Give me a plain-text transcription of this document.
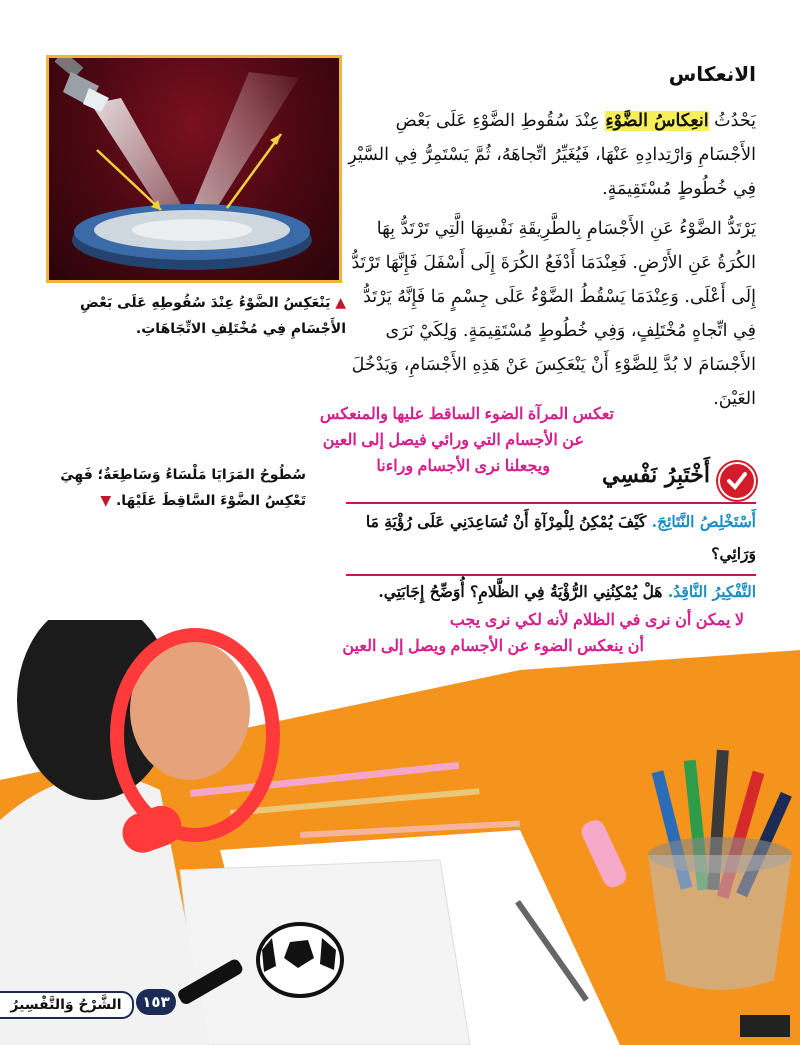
▲ يَنْعَكِسُ الضَّوْءُ عِنْدَ سُقُوطِهِ عَلَى بَعْضِ الأَجْسَامِ فِي مُخْتَلِفِ الاتِّجَاهَاتِ.
الانعكاس
يَحْدُثُ انعِكاسُ الضَّوْءِ عِنْدَ سُقُوطِ الضَّوْءِ عَلَى بَعْضِ الأَجْسَامِ وَارْتِدادِهِ عَنْهَا، فَيُغَيِّرُ اتِّجاهَهُ، ثُمَّ يَسْتَمِرُّ فِي السَّيْرِ فِي خُطُوطٍ مُسْتَقِيمَةٍ.
يَرْتَدُّ الضَّوْءُ عَنِ الأَجْسَامِ بِالطَّرِيقَةِ نَفْسِهَا الَّتِي تَرْتَدُّ بِهَا الكُرَةُ عَنِ الأَرْضِ. فَعِنْدَمَا أَدْفَعُ الكُرَةَ إِلَى أَسْفَلَ فَإِنَّهَا تَرْتَدُّ إِلَى أَعْلَى. وَعِنْدَمَا يَسْقُطُ الضَّوْءُ عَلَى جِسْمٍ مَا فَإِنَّهُ يَرْتَدُّ فِي اتِّجاهٍ مُخْتَلِفٍ، وَفِي خُطُوطٍ مُسْتَقِيمَةٍ. وَلِكَيْ نَرَى الأَجْسَامَ لا بُدَّ لِلضَّوْءِ أَنْ يَنْعَكِسَ عَنْ هَذِهِ الأَجْسَامِ، وَيَدْخُلَ العَيْنَ.
تعكس المرآة الضوء الساقط عليها والمنعكس
عن الأجسام التي ورائي فيصل إلى العين
ويجعلنا نرى الأجسام وراءنا أَخْتَبِرُ نَفْسِي
سُطُوحُ المَرَايَا مَلْسَاءُ وَسَاطِعَةٌ؛ فَهِيَ تَعْكِسُ الضَّوْءَ السَّاقِطَ عَلَيْهَا. ▼
أَسْتَخْلِصُ النَّتَائِجَ. كَيْفَ يُمْكِنُ لِلْمِرْآةِ أَنْ تُسَاعِدَنِي عَلَى رُؤْيَةِ مَا وَرَائِي؟
التَّفْكِيرُ النَّاقِدُ. هَلْ يُمْكِنُنِي الرُّؤْيَةُ فِي الظَّلامِ؟ أُوَضِّحُ إِجَابَتِي.
لا يمكن أن نرى في الظلام لأنه لكي نرى يجب
أن ينعكس الضوء عن الأجسام ويصل إلى العين
الشَّرْحُ وَالتَّفْسِيرُ	١٥٣
